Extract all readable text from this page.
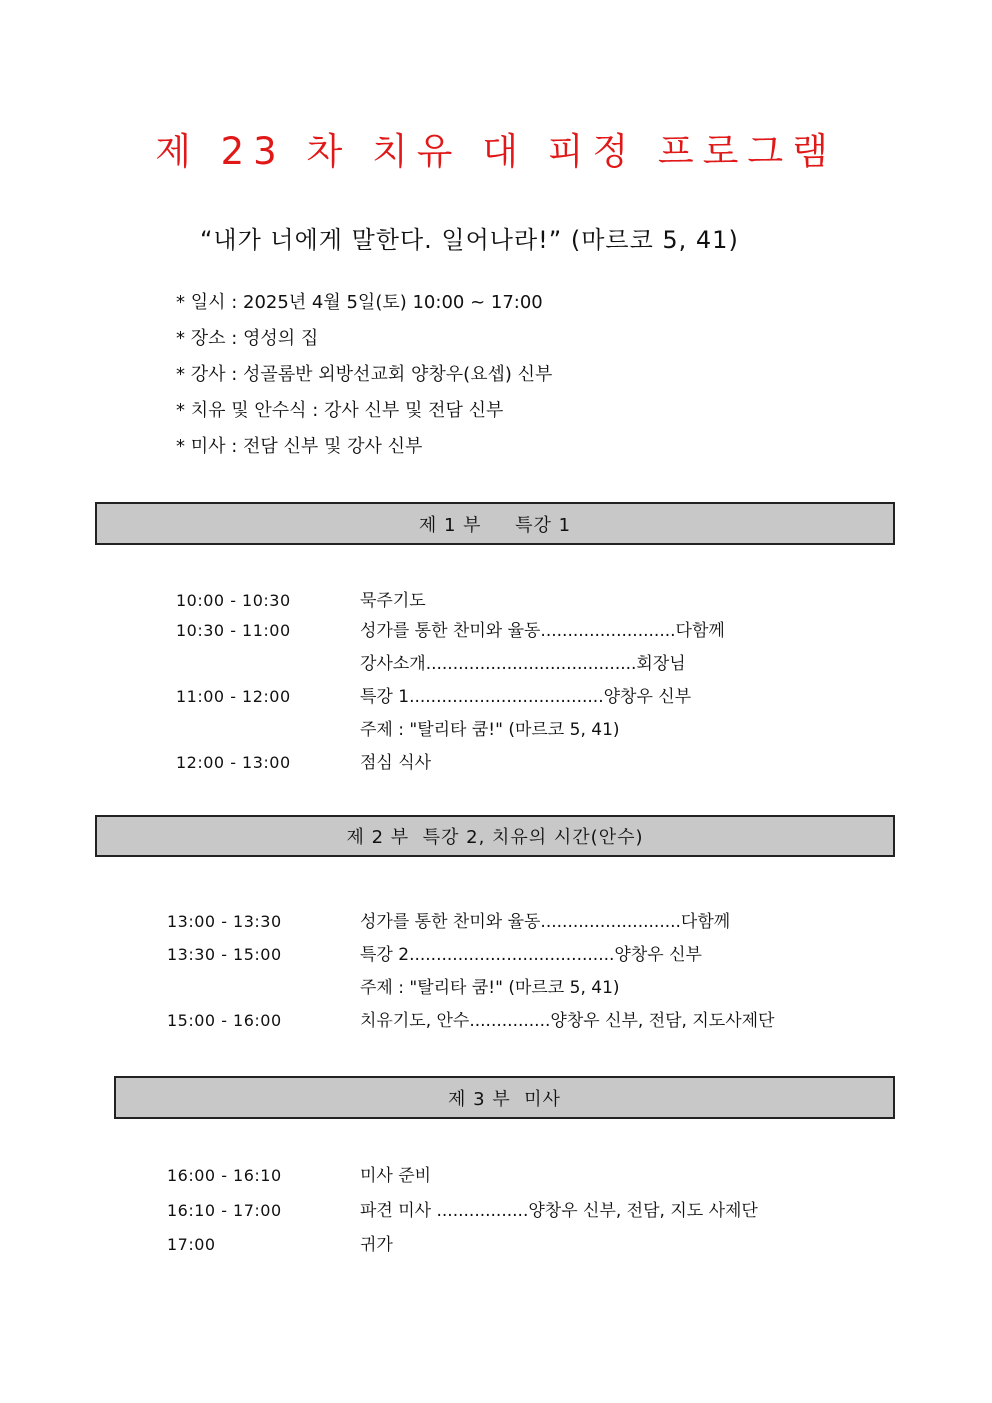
제 23 차 치유 대 피정 프로그램
“내가 너에게 말한다. 일어나라!” (마르코 5, 41)
* 일시 : 2025년 4월 5일(토) 10:00 ~ 17:00
* 장소 : 영성의 집
* 강사 : 성골롬반 외방선교회 양창우(요셉) 신부
* 치유 및 안수식 : 강사 신부 및 전담 신부
* 미사 : 전담 신부 및 강사 신부
제 1 부     특강 1
10:00 - 10:30	묵주기도
10:30 - 11:00	성가를 통한 찬미와 율동.........................다함께
강사소개.......................................회장님
11:00 - 12:00	특강 1....................................양창우 신부
주제 : "탈리타 쿰!" (마르코 5, 41)
12:00 - 13:00	점심 식사
제 2 부  특강 2, 치유의 시간(안수)
13:00 - 13:30	성가를 통한 찬미와 율동..........................다함께
13:30 - 15:00	특강 2......................................양창우 신부
주제 : "탈리타 쿰!" (마르코 5, 41)
15:00 - 16:00	치유기도, 안수...............양창우 신부, 전담, 지도사제단
제 3 부  미사
16:00 - 16:10	미사 준비
16:10 - 17:00	파견 미사 .................양창우 신부, 전담, 지도 사제단
17:00	귀가
